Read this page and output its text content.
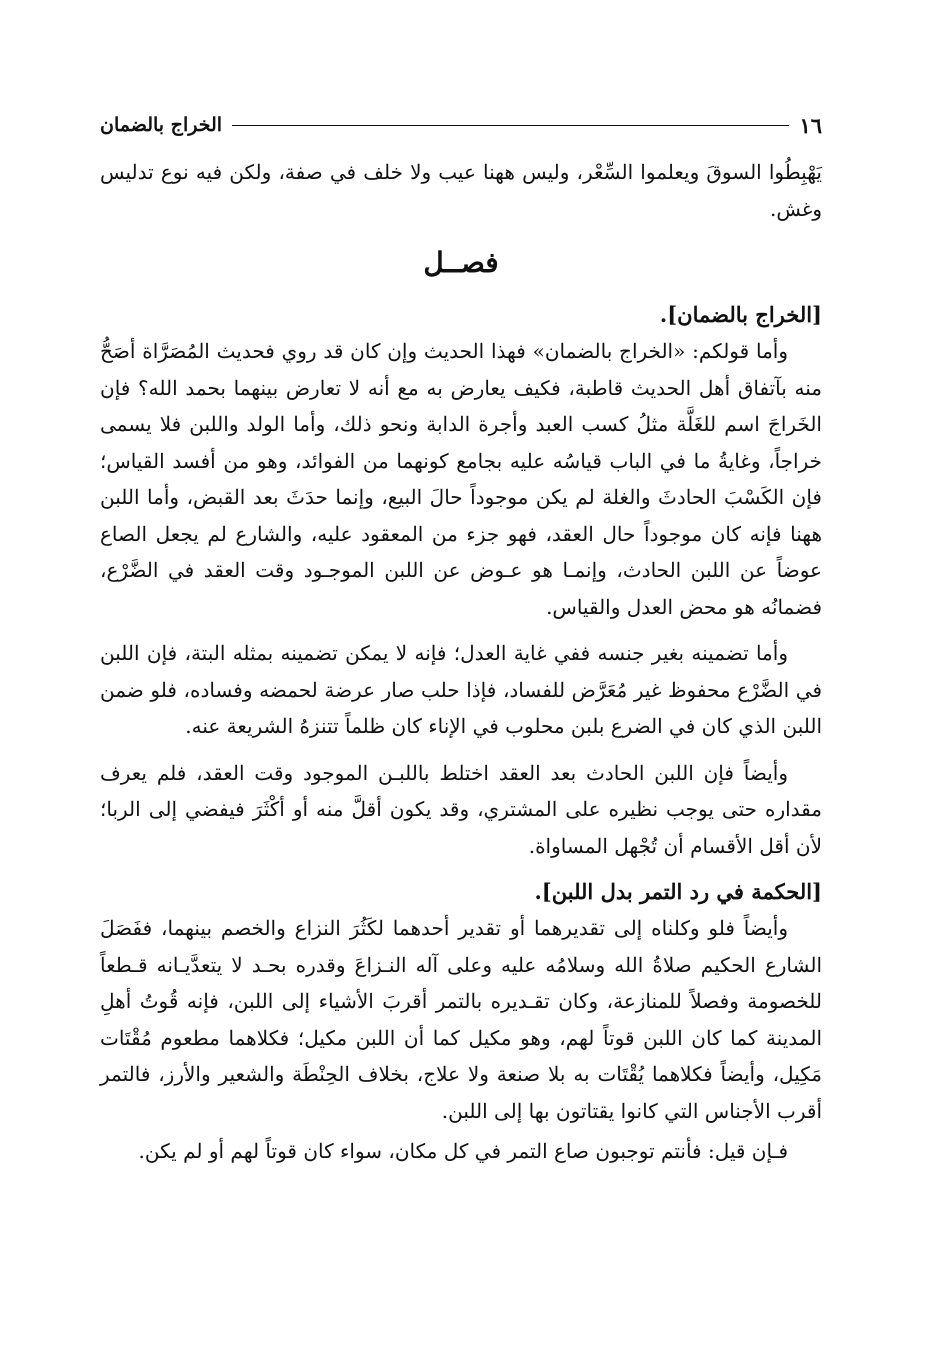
١٦
الخراج بالضمان

يَهْبِطُوا السوقَ ويعلموا السِّعْر، وليس ههنا عيب ولا خلف في صفة، ولكن فيه نوع تدليس وغش.

فصــل

[الخراج بالضمان].

وأما قولكم: «الخراج بالضمان» فهذا الحديث وإن كان قد روي فحديث المُصَرَّاة أصَحُّ منه بآتفاق أهل الحديث قاطبة، فكيف يعارض به مع أنه لا تعارض بينهما بحمد الله؟ فإن الخَراجَ اسم للغَلَّة مثلُ كسب العبد وأجرة الدابة ونحو ذلك، وأما الولد واللبن فلا يسمى خراجاً، وغايةُ ما في الباب قياسُه عليه بجامع كونهما من الفوائد، وهو من أفسد القياس؛ فإن الكَسْبَ الحادثَ والغلة لم يكن موجوداً حالَ البيع، وإنما حدَثَ بعد القبض، وأما اللبن ههنا فإنه كان موجوداً حال العقد، فهو جزء من المعقود عليه، والشارع لم يجعل الصاع عوضاً عن اللبن الحادث، وإنمـا هو عـوض عن اللبن الموجـود وقت العقد في الضَّرْع، فضمانُه هو محض العدل والقياس.

وأما تضمينه بغير جنسه ففي غاية العدل؛ فإنه لا يمكن تضمينه بمثله البتة، فإن اللبن في الضَّرْع محفوظ غير مُعَرَّض للفساد، فإذا حلب صار عرضة لحمضه وفساده، فلو ضمن اللبن الذي كان في الضرع بلبن محلوب في الإناء كان ظلماً تتنزهُ الشريعة عنه.

وأيضاً فإن اللبن الحادث بعد العقد اختلط باللبـن الموجود وقت العقد، فلم يعرف مقداره حتى يوجب نظيره على المشتري، وقد يكون أقلَّ منه أو أكْثَرَ فيفضي إلى الربا؛ لأن أقل الأقسام أن تُجْهل المساواة.

[الحكمة في رد التمر بدل اللبن].

وأيضاً فلو وكلناه إلى تقديرهما أو تقدير أحدهما لكَثُرَ النزاع والخصم بينهما، ففَصَلَ الشارع الحكيم صلاةُ الله وسلامُه عليه وعلى آله النـزاعَ وقدره بحـد لا يتعدَّيـانه قـطعاً للخصومة وفصلاً للمنازعة، وكان تقـديره بالتمر أقربَ الأشياء إلى اللبن، فإنه قُوتُ أهلِ المدينة كما كان اللبن قوتاً لهم، وهو مكيل كما أن اللبن مكيل؛ فكلاهما مطعوم مُقْتَات مَكِيل، وأيضاً فكلاهما يُقْتَات به بلا صنعة ولا علاج، بخلاف الحِنْطَة والشعير والأرز، فالتمر أقرب الأجناس التي كانوا يقتاتون بها إلى اللبن.

فـإن قيل: فأنتم توجبون صاع التمر في كل مكان، سواء كان قوتاً لهم أو لم يكن.
